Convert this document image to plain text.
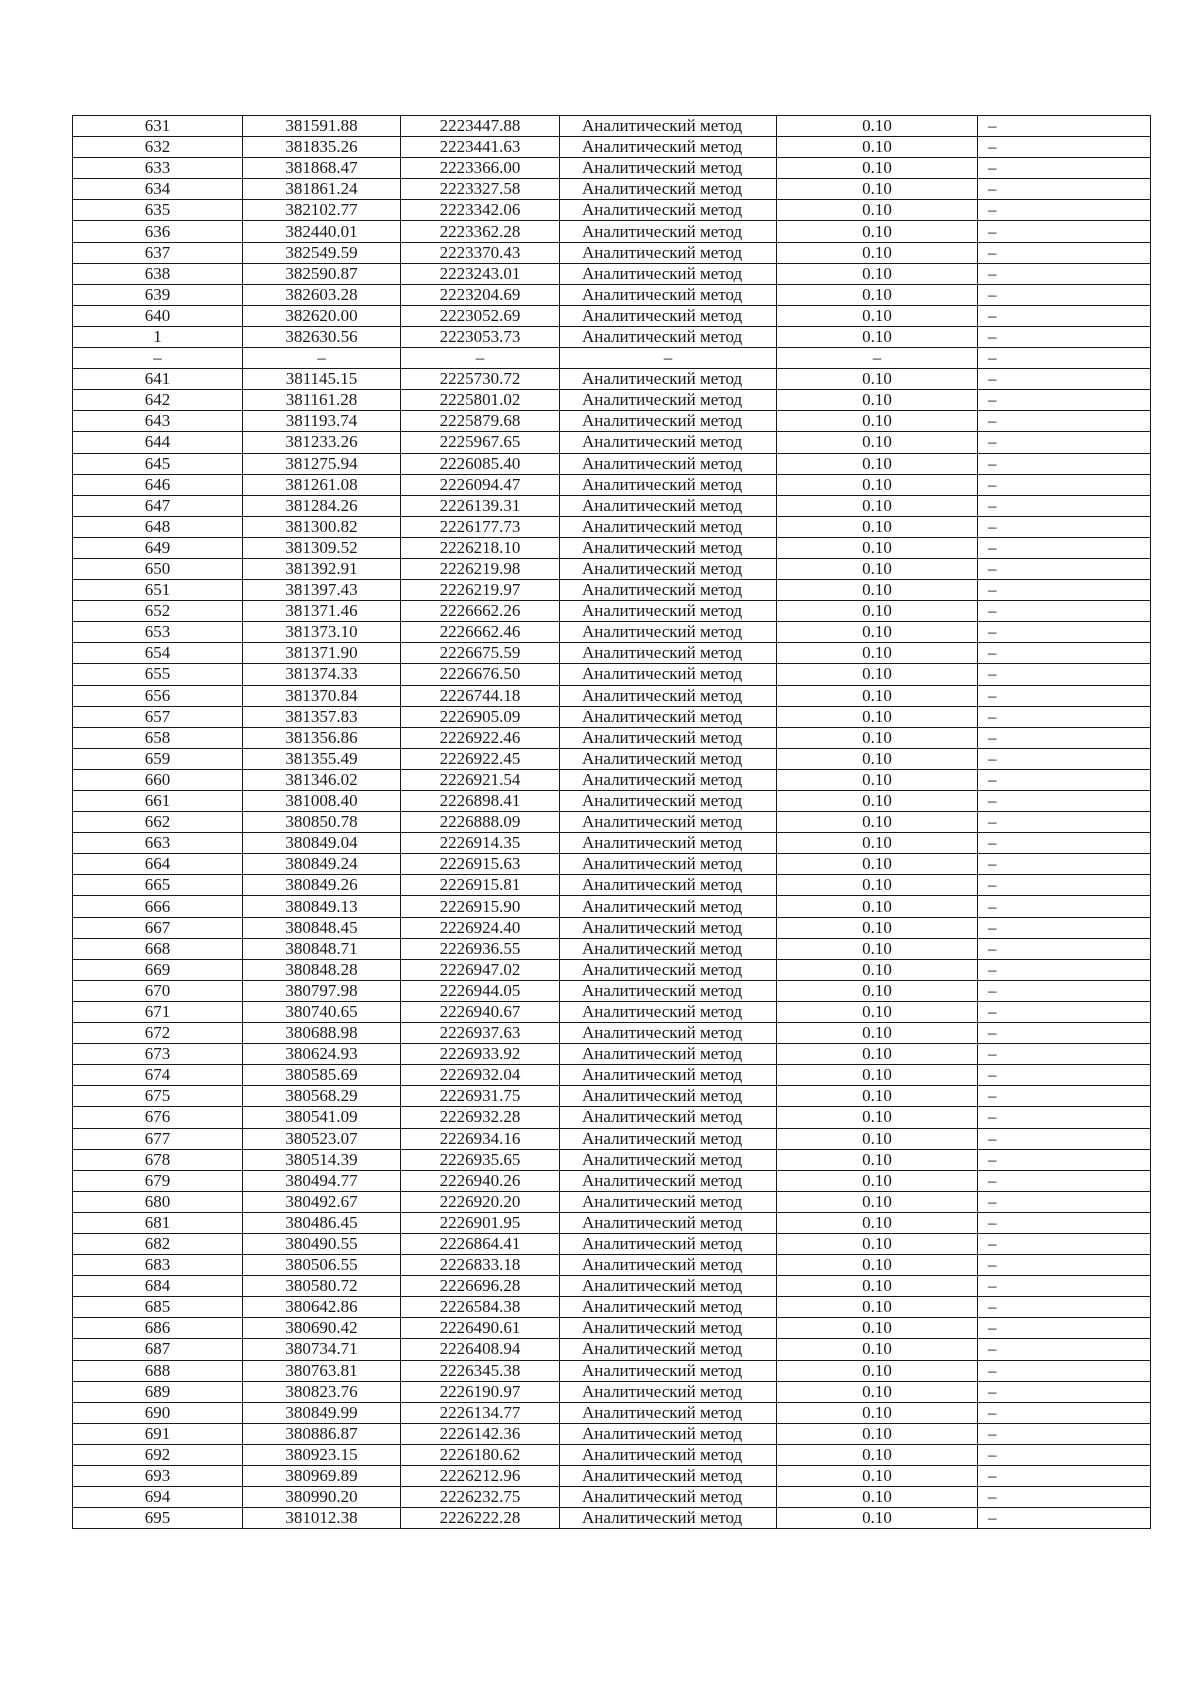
631	381591.88	2223447.88	Аналитический метод	0.10	–
632	381835.26	2223441.63	Аналитический метод	0.10	–
633	381868.47	2223366.00	Аналитический метод	0.10	–
634	381861.24	2223327.58	Аналитический метод	0.10	–
635	382102.77	2223342.06	Аналитический метод	0.10	–
636	382440.01	2223362.28	Аналитический метод	0.10	–
637	382549.59	2223370.43	Аналитический метод	0.10	–
638	382590.87	2223243.01	Аналитический метод	0.10	–
639	382603.28	2223204.69	Аналитический метод	0.10	–
640	382620.00	2223052.69	Аналитический метод	0.10	–
1	382630.56	2223053.73	Аналитический метод	0.10	–
–	–	–	–	–	–
641	381145.15	2225730.72	Аналитический метод	0.10	–
642	381161.28	2225801.02	Аналитический метод	0.10	–
643	381193.74	2225879.68	Аналитический метод	0.10	–
644	381233.26	2225967.65	Аналитический метод	0.10	–
645	381275.94	2226085.40	Аналитический метод	0.10	–
646	381261.08	2226094.47	Аналитический метод	0.10	–
647	381284.26	2226139.31	Аналитический метод	0.10	–
648	381300.82	2226177.73	Аналитический метод	0.10	–
649	381309.52	2226218.10	Аналитический метод	0.10	–
650	381392.91	2226219.98	Аналитический метод	0.10	–
651	381397.43	2226219.97	Аналитический метод	0.10	–
652	381371.46	2226662.26	Аналитический метод	0.10	–
653	381373.10	2226662.46	Аналитический метод	0.10	–
654	381371.90	2226675.59	Аналитический метод	0.10	–
655	381374.33	2226676.50	Аналитический метод	0.10	–
656	381370.84	2226744.18	Аналитический метод	0.10	–
657	381357.83	2226905.09	Аналитический метод	0.10	–
658	381356.86	2226922.46	Аналитический метод	0.10	–
659	381355.49	2226922.45	Аналитический метод	0.10	–
660	381346.02	2226921.54	Аналитический метод	0.10	–
661	381008.40	2226898.41	Аналитический метод	0.10	–
662	380850.78	2226888.09	Аналитический метод	0.10	–
663	380849.04	2226914.35	Аналитический метод	0.10	–
664	380849.24	2226915.63	Аналитический метод	0.10	–
665	380849.26	2226915.81	Аналитический метод	0.10	–
666	380849.13	2226915.90	Аналитический метод	0.10	–
667	380848.45	2226924.40	Аналитический метод	0.10	–
668	380848.71	2226936.55	Аналитический метод	0.10	–
669	380848.28	2226947.02	Аналитический метод	0.10	–
670	380797.98	2226944.05	Аналитический метод	0.10	–
671	380740.65	2226940.67	Аналитический метод	0.10	–
672	380688.98	2226937.63	Аналитический метод	0.10	–
673	380624.93	2226933.92	Аналитический метод	0.10	–
674	380585.69	2226932.04	Аналитический метод	0.10	–
675	380568.29	2226931.75	Аналитический метод	0.10	–
676	380541.09	2226932.28	Аналитический метод	0.10	–
677	380523.07	2226934.16	Аналитический метод	0.10	–
678	380514.39	2226935.65	Аналитический метод	0.10	–
679	380494.77	2226940.26	Аналитический метод	0.10	–
680	380492.67	2226920.20	Аналитический метод	0.10	–
681	380486.45	2226901.95	Аналитический метод	0.10	–
682	380490.55	2226864.41	Аналитический метод	0.10	–
683	380506.55	2226833.18	Аналитический метод	0.10	–
684	380580.72	2226696.28	Аналитический метод	0.10	–
685	380642.86	2226584.38	Аналитический метод	0.10	–
686	380690.42	2226490.61	Аналитический метод	0.10	–
687	380734.71	2226408.94	Аналитический метод	0.10	–
688	380763.81	2226345.38	Аналитический метод	0.10	–
689	380823.76	2226190.97	Аналитический метод	0.10	–
690	380849.99	2226134.77	Аналитический метод	0.10	–
691	380886.87	2226142.36	Аналитический метод	0.10	–
692	380923.15	2226180.62	Аналитический метод	0.10	–
693	380969.89	2226212.96	Аналитический метод	0.10	–
694	380990.20	2226232.75	Аналитический метод	0.10	–
695	381012.38	2226222.28	Аналитический метод	0.10	–
